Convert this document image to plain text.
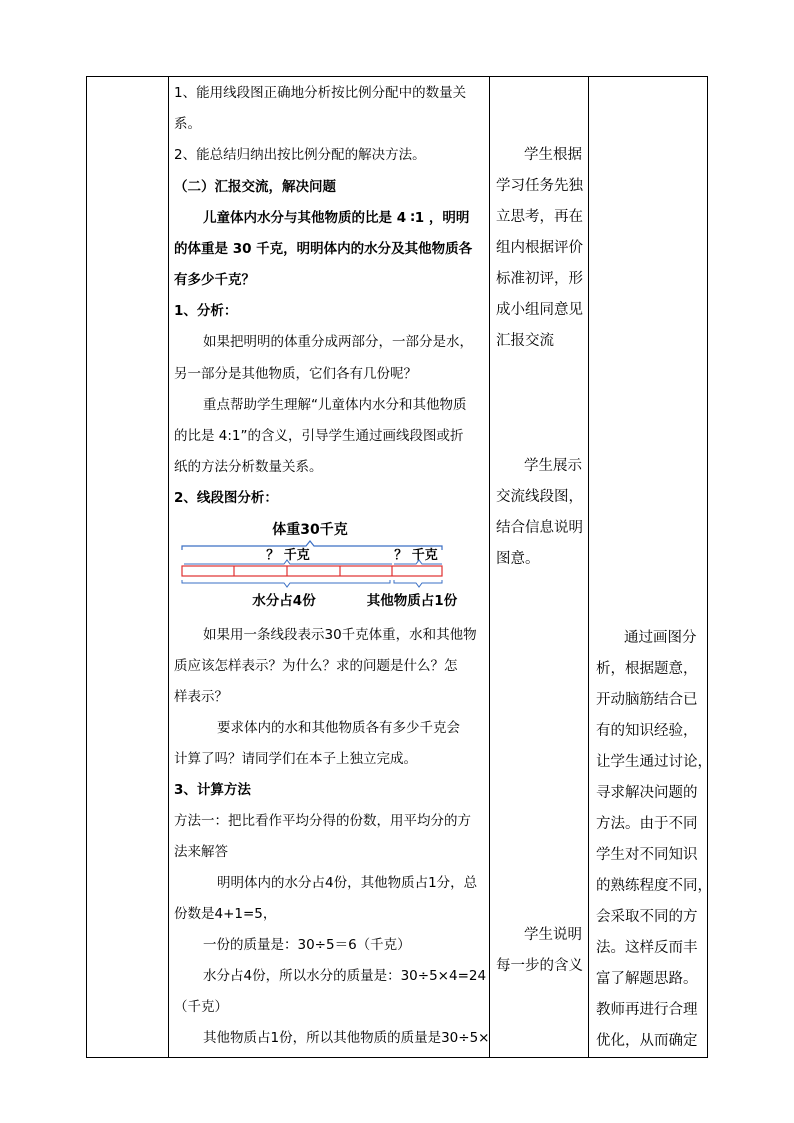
1、能用线段图正确地分析按比例分配中的数量关
系。
2、能总结归纳出按比例分配的解决方法。
（二）汇报交流，解决问题
儿童体内水分与其他物质的比是 4 ∶1 ，明明
的体重是 30 千克，明明体内的水分及其他物质各
有多少千克？
1、分析：
如果把明明的体重分成两部分，一部分是水，
另一部分是其他物质，它们各有几份呢？
重点帮助学生理解“儿童体内水分和其他物质
的比是 4:1”的含义，引导学生通过画线段图或折
纸的方法分析数量关系。
2、线段图分析：
体重30千克
？ 千克	？ 千克
水分占4份	其他物质占1份
如果用一条线段表示30千克体重，水和其他物
质应该怎样表示？为什么？求的问题是什么？怎
样表示？
要求体内的水和其他物质各有多少千克会
计算了吗？请同学们在本子上独立完成。
3、计算方法
方法一：把比看作平均分得的份数，用平均分的方
法来解答
明明体内的水分占4份，其他物质占1分，总
份数是4+1=5，
一份的质量是：30÷5＝6（千克）
水分占4份，所以水分的质量是：30÷5×4=24
（千克）
其他物质占1份，所以其他物质的质量是30÷5×
学生根据
学习任务先独
立思考，再在
组内根据评价
标准初评，形
成小组同意见
汇报交流
学生展示
交流线段图，
结合信息说明
图意。
学生说明
每一步的含义
通过画图分
析，根据题意，
开动脑筋结合已
有的知识经验，
让学生通过讨论，
寻求解决问题的
方法。由于不同
学生对不同知识
的熟练程度不同，
会采取不同的方
法。这样反而丰
富了解题思路。
教师再进行合理
优化，从而确定
